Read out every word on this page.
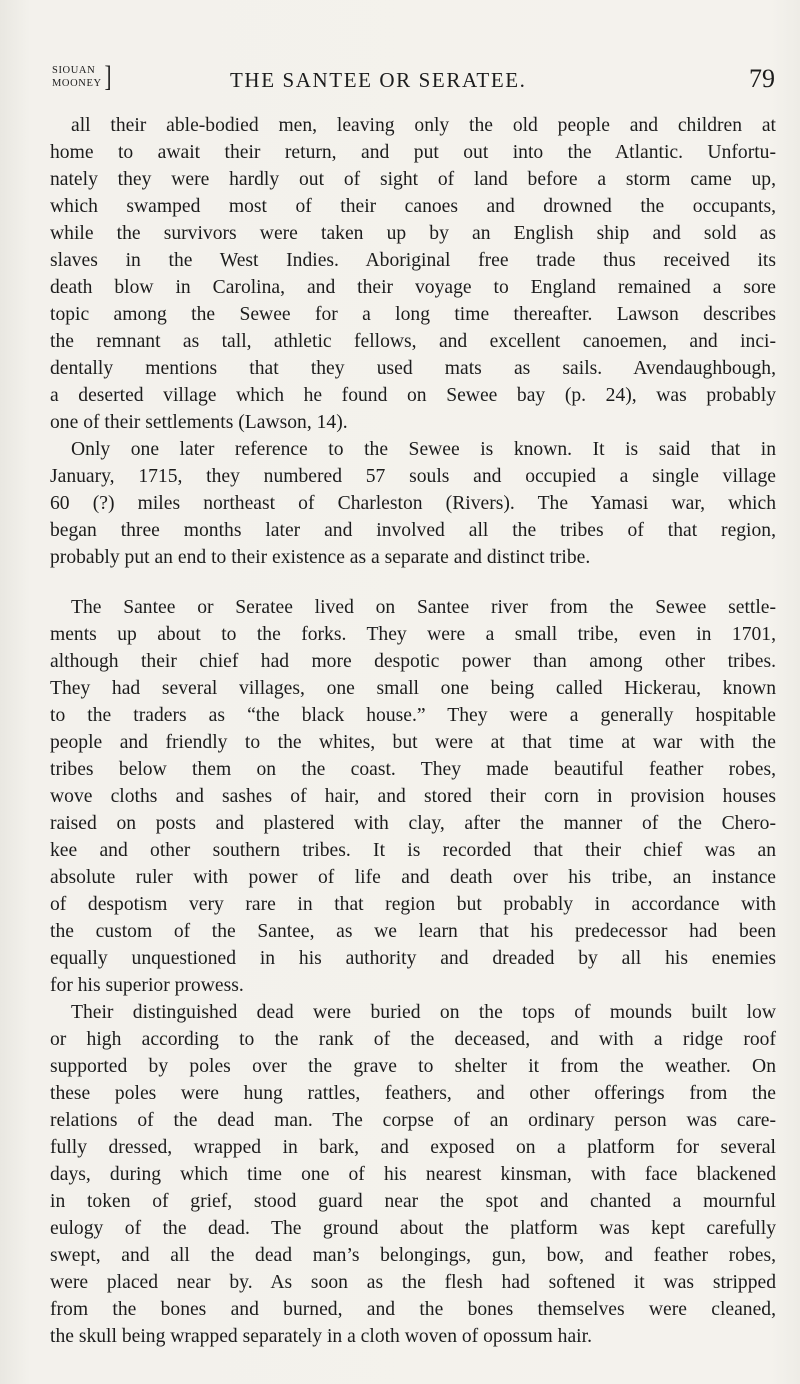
SIOUAN
MOONEY ]	THE SANTEE OR SERATEE.	79
all their able-bodied men, leaving only the old people and children at
home to await their return, and put out into the Atlantic. Unfortu-
nately they were hardly out of sight of land before a storm came up,
which swamped most of their canoes and drowned the occupants,
while the survivors were taken up by an English ship and sold as
slaves in the West Indies. Aboriginal free trade thus received its
death blow in Carolina, and their voyage to England remained a sore
topic among the Sewee for a long time thereafter. Lawson describes
the remnant as tall, athletic fellows, and excellent canoemen, and inci-
dentally mentions that they used mats as sails. Avendaughbough,
a deserted village which he found on Sewee bay (p. 24), was probably
one of their settlements (Lawson, 14).
Only one later reference to the Sewee is known. It is said that in
January, 1715, they numbered 57 souls and occupied a single village
60 (?) miles northeast of Charleston (Rivers). The Yamasi war, which
began three months later and involved all the tribes of that region,
probably put an end to their existence as a separate and distinct tribe.
The Santee or Seratee lived on Santee river from the Sewee settle-
ments up about to the forks. They were a small tribe, even in 1701,
although their chief had more despotic power than among other tribes.
They had several villages, one small one being called Hickerau, known
to the traders as “the black house.” They were a generally hospitable
people and friendly to the whites, but were at that time at war with the
tribes below them on the coast. They made beautiful feather robes,
wove cloths and sashes of hair, and stored their corn in provision houses
raised on posts and plastered with clay, after the manner of the Chero-
kee and other southern tribes. It is recorded that their chief was an
absolute ruler with power of life and death over his tribe, an instance
of despotism very rare in that region but probably in accordance with
the custom of the Santee, as we learn that his predecessor had been
equally unquestioned in his authority and dreaded by all his enemies
for his superior prowess.
Their distinguished dead were buried on the tops of mounds built low
or high according to the rank of the deceased, and with a ridge roof
supported by poles over the grave to shelter it from the weather. On
these poles were hung rattles, feathers, and other offerings from the
relations of the dead man. The corpse of an ordinary person was care-
fully dressed, wrapped in bark, and exposed on a platform for several
days, during which time one of his nearest kinsman, with face blackened
in token of grief, stood guard near the spot and chanted a mournful
eulogy of the dead. The ground about the platform was kept carefully
swept, and all the dead man’s belongings, gun, bow, and feather robes,
were placed near by. As soon as the flesh had softened it was stripped
from the bones and burned, and the bones themselves were cleaned,
the skull being wrapped separately in a cloth woven of opossum hair.
